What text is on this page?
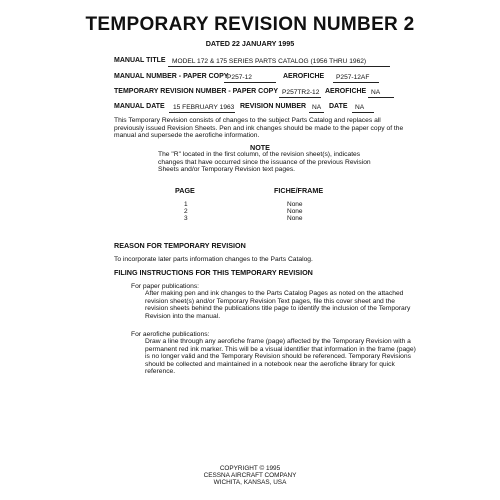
TEMPORARY REVISION NUMBER 2
DATED 22 JANUARY 1995
MANUAL TITLE MODEL 172 & 175 SERIES PARTS CATALOG (1956 THRU 1962)
MANUAL NUMBER - PAPER COPY
P257-12	AEROFICHE P257-12AF
TEMPORARY REVISION NUMBER - PAPER COPY P257TR2-12 AEROFICHE NA
MANUAL DATE 15 FEBRUARY 1963 REVISION NUMBER NA DATE NA
This Temporary Revision consists of changes to the subject Parts Catalog and replaces all previously issued Revision Sheets. Pen and ink changes should be made to the paper copy of the manual and supersede the aerofiche information.
NOTE
The "R" located in the first column, of the revision sheet(s), indicates changes that have occurred since the issuance of the previous Revision Sheets and/or Temporary Revision text pages.
PAGE	FICHE/FRAME
1	None
2	None
3	None
REASON FOR TEMPORARY REVISION
To incorporate later parts information changes to the Parts Catalog.
FILING INSTRUCTIONS FOR THIS TEMPORARY REVISION
For paper publications:
After making pen and ink changes to the Parts Catalog Pages as noted on the attached revision sheet(s) and/or Temporary Revision Text pages, file this cover sheet and the revision sheets behind the publications title page to identify the inclusion of the Temporary Revision into the manual.
For aerofiche publications:
Draw a line through any aerofiche frame (page) affected by the Temporary Revision with a permanent red ink marker. This will be a visual identifier that information in the frame (page) is no longer valid and the Temporary Revision should be referenced. Temporary Revisions should be collected and maintained in a notebook near the aerofiche library for quick reference.
COPYRIGHT © 1995
CESSNA AIRCRAFT COMPANY
WICHITA, KANSAS, USA
